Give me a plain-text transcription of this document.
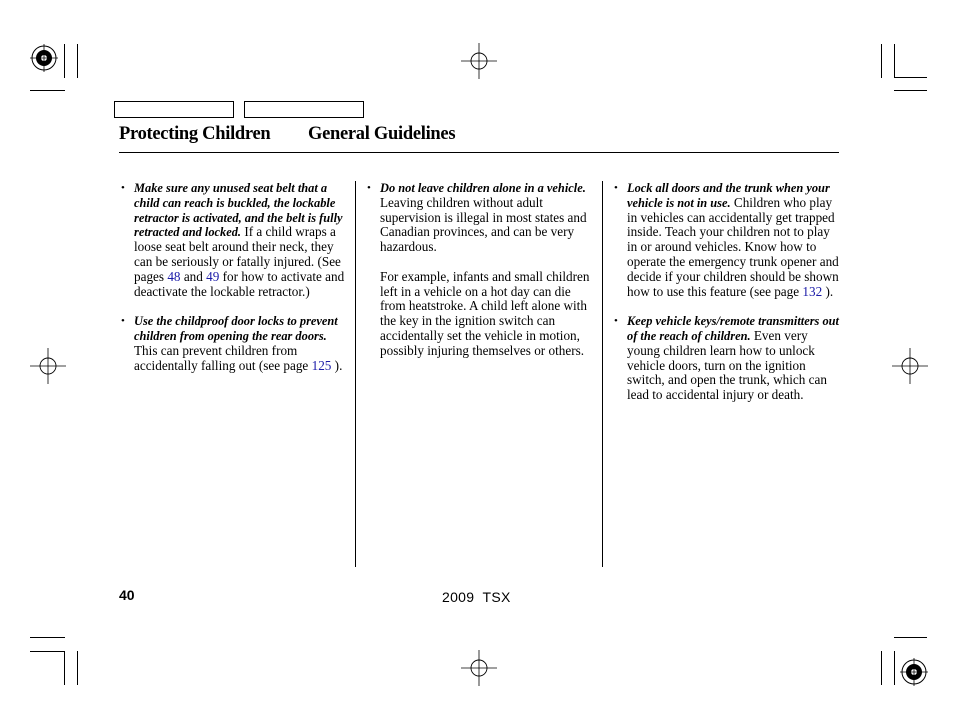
Protecting Children General Guidelines

• Make sure any unused seat belt that a child can reach is buckled, the lockable retractor is activated, and the belt is fully retracted and locked. If a child wraps a loose seat belt around their neck, they can be seriously or fatally injured. (See pages 48 and 49 for how to activate and deactivate the lockable retractor.)

• Use the childproof door locks to prevent children from opening the rear doors. This can prevent children from accidentally falling out (see page 125 ).

• Do not leave children alone in a vehicle. Leaving children without adult supervision is illegal in most states and Canadian provinces, and can be very hazardous.

For example, infants and small children left in a vehicle on a hot day can die from heatstroke. A child left alone with the key in the ignition switch can accidentally set the vehicle in motion, possibly injuring themselves or others.

• Lock all doors and the trunk when your vehicle is not in use. Children who play in vehicles can accidentally get trapped inside. Teach your children not to play in or around vehicles. Know how to operate the emergency trunk opener and decide if your children should be shown how to use this feature (see page 132 ).

• Keep vehicle keys/remote transmitters out of the reach of children. Even very young children learn how to unlock vehicle doors, turn on the ignition switch, and open the trunk, which can lead to accidental injury or death.

40	2009  TSX
